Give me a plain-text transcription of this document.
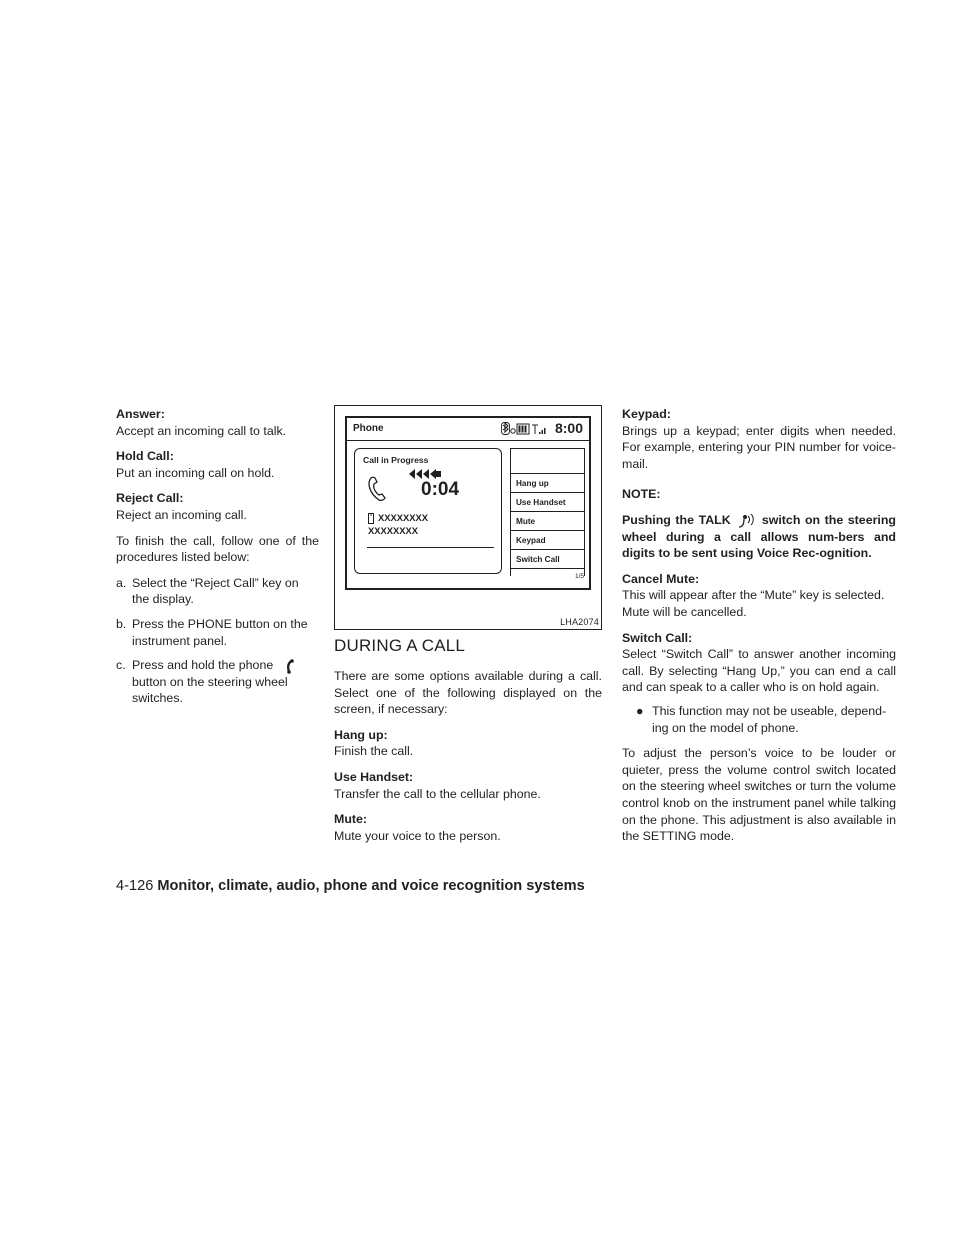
Answer:
Accept an incoming call to talk.

Hold Call:
Put an incoming call on hold.

Reject Call:
Reject an incoming call.

To finish the call, follow one of the procedures listed below:

a. Select the “Reject Call” key on the display.
b. Press the PHONE button on the instrument panel.
c. Press and hold the phone  button on the steering wheel switches.
Phone	8:00
Call in Progress
0:04
XXXXXXXX
XXXXXXXX
Hang up
Use Handset
Mute
Keypad
Switch Call
1/5
LHA2074
DURING A CALL

There are some options available during a call. Select one of the following displayed on the screen, if necessary:

Hang up:
Finish the call.

Use Handset:
Transfer the call to the cellular phone.

Mute:
Mute your voice to the person.

Keypad:
Brings up a keypad; enter digits when needed. For example, entering your PIN number for voice-mail.

NOTE:

Pushing the TALK	switch on the steering wheel during a call allows num-bers and digits to be sent using Voice Rec-ognition.

Cancel Mute:
This will appear after the “Mute” key is selected. Mute will be cancelled.

Switch Call:
Select “Switch Call” to answer another incoming call. By selecting “Hang Up,” you can end a call and can speak to a caller who is on hold again.

● This function may not be useable, depend-ing on the model of phone.

To adjust the person’s voice to be louder or quieter, press the volume control switch located on the steering wheel switches or turn the volume control knob on the instrument panel while talking on the phone. This adjustment is also available in the SETTING mode.

4-126 Monitor, climate, audio, phone and voice recognition systems
